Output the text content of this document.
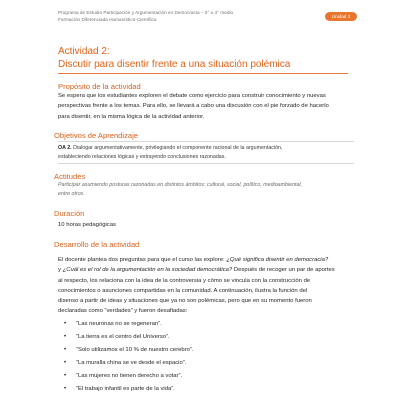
Programa de Estudio Participación y Argumentación en Democracia – 3° o 4° medio
Formación Diferenciada Humanístico-Científica
Unidad 3
Actividad 2:
Discutir para disentir frente a una situación polémica
Propósito de la actividad
Se espera que los estudiantes exploren el debate como ejercicio para construir conocimiento y nuevas
perspectivas frente a los temas. Para ello, se llevará a cabo una discusión con el pie forzado de hacerlo
para disentir, en la misma lógica de la actividad anterior.
Objetivos de Aprendizaje
OA 2. Dialogar argumentativamente, privilegiando el componente racional de la argumentación,
estableciendo relaciones lógicas y extrayendo conclusiones razonadas.
Actitudes
Participar asumiendo posturas razonadas en distintos ámbitos: cultural, social, político, medioambiental,
entre otros.
Duración
10 horas pedagógicas
Desarrollo de la actividad
El docente plantea dos preguntas para que el curso las explore: ¿Qué significa disentir en democracia?
y ¿Cuál es el rol de la argumentación en la sociedad democrática? Después de recoger un par de aportes
al respecto, los relaciona con la idea de la controversia y cómo se vincula con la construcción de
conocimientos o asunciones compartidas en la comunidad. A continuación, ilustra la función del
disenso a partir de ideas y situaciones que ya no son polémicas, pero que en su momento fueron
declaradas como “verdades” y fueron desafiadas:
• “Las neuronas no se regeneran”.
• “La tierra es el centro del Universo”.
• “Solo utilizamos el 10 % de nuestro cerebro”.
• “La muralla china se ve desde el espacio”.
• “Las mujeres no tienen derecho a votar”.
• “El trabajo infantil es parte de la vida”.
